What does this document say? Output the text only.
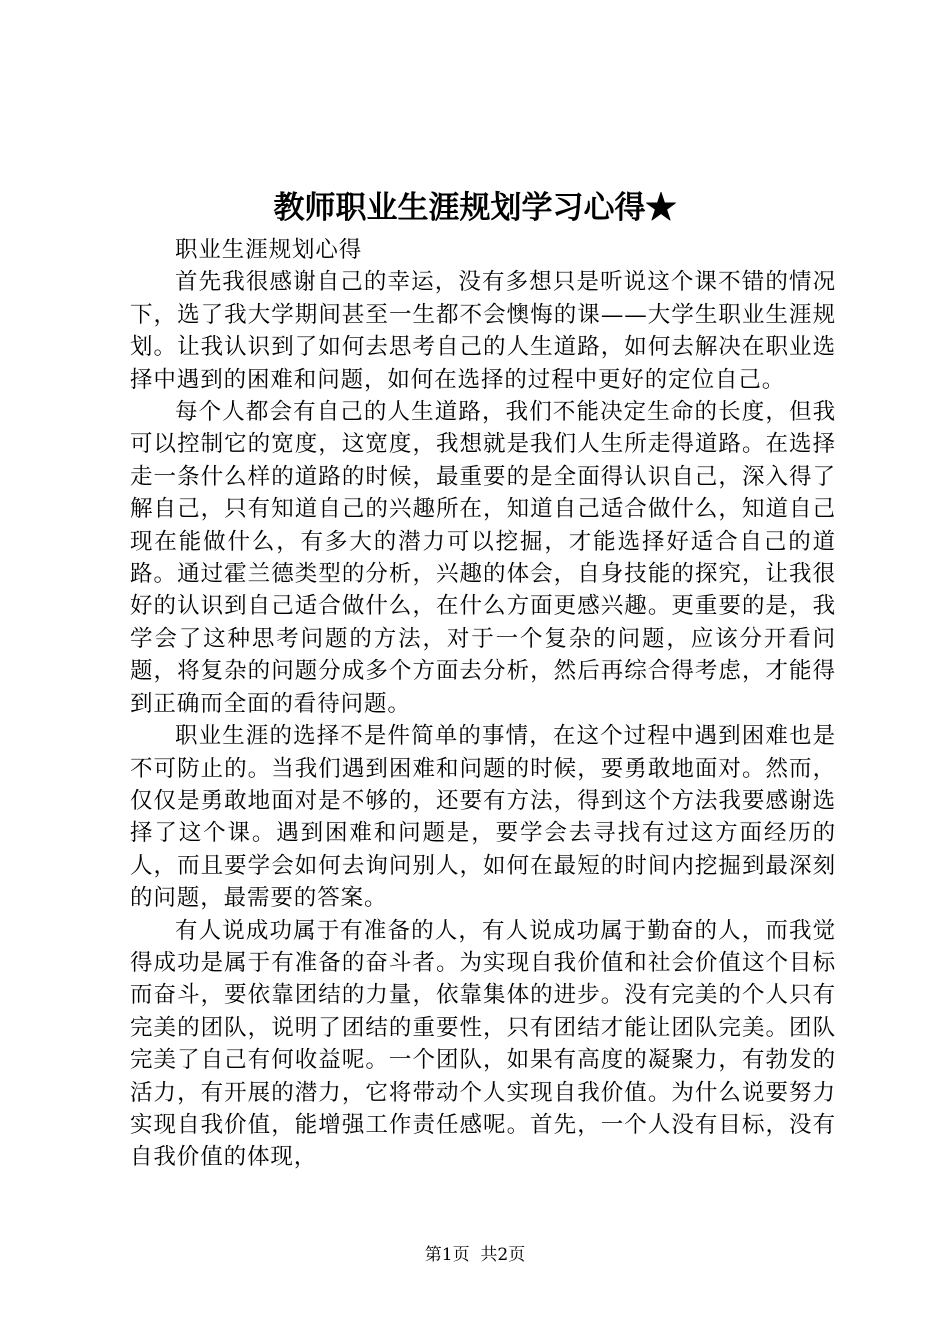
教师职业生涯规划学习心得★
职业生涯规划心得

首先我很感谢自己的幸运，没有多想只是听说这个课不错的情况下，选了我大学期间甚至一生都不会懊悔的课——大学生职业生涯规划。让我认识到了如何去思考自己的人生道路，如何去解决在职业选择中遇到的困难和问题，如何在选择的过程中更好的定位自己。

每个人都会有自己的人生道路，我们不能决定生命的长度，但我可以控制它的宽度，这宽度，我想就是我们人生所走得道路。在选择走一条什么样的道路的时候，最重要的是全面得认识自己，深入得了解自己，只有知道自己的兴趣所在，知道自己适合做什么，知道自己现在能做什么，有多大的潜力可以挖掘，才能选择好适合自己的道路。通过霍兰德类型的分析，兴趣的体会，自身技能的探究，让我很好的认识到自己适合做什么，在什么方面更感兴趣。更重要的是，我学会了这种思考问题的方法，对于一个复杂的问题，应该分开看问题，将复杂的问题分成多个方面去分析，然后再综合得考虑，才能得到正确而全面的看待问题。

职业生涯的选择不是件简单的事情，在这个过程中遇到困难也是不可防止的。当我们遇到困难和问题的时候，要勇敢地面对。然而，仅仅是勇敢地面对是不够的，还要有方法，得到这个方法我要感谢选择了这个课。遇到困难和问题是，要学会去寻找有过这方面经历的人，而且要学会如何去询问别人，如何在最短的时间内挖掘到最深刻的问题，最需要的答案。

有人说成功属于有准备的人，有人说成功属于勤奋的人，而我觉得成功是属于有准备的奋斗者。为实现自我价值和社会价值这个目标而奋斗，要依靠团结的力量，依靠集体的进步。没有完美的个人只有完美的团队，说明了团结的重要性，只有团结才能让团队完美。团队完美了自己有何收益呢。一个团队，如果有高度的凝聚力，有勃发的活力，有开展的潜力，它将带动个人实现自我价值。为什么说要努力实现自我价值，能增强工作责任感呢。首先，一个人没有目标，没有自我价值的体现，

第1页 共2页
